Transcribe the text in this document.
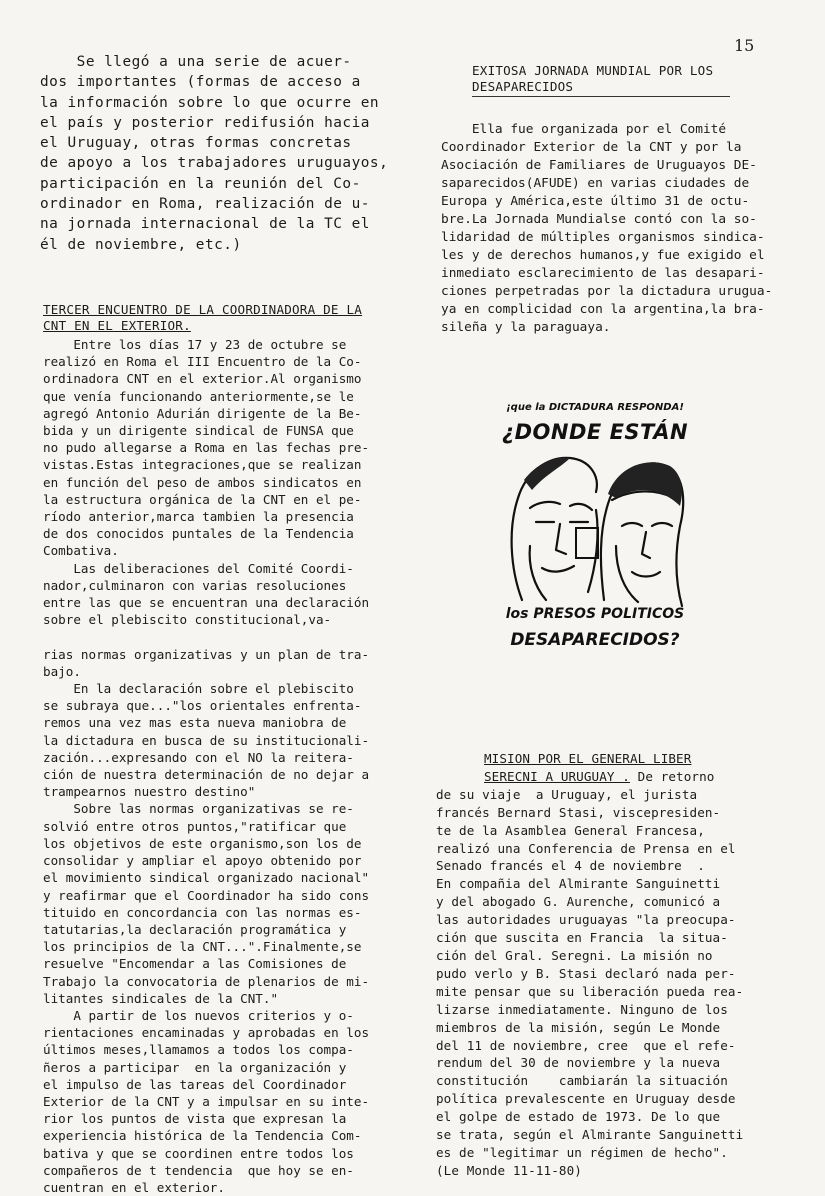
15
Se llegó a una serie de acuer-
dos importantes (formas de acceso a
la información sobre lo que ocurre en
el país y posterior redifusión hacia
el Uruguay, otras formas concretas
de apoyo a los trabajadores uruguayos,
participación en la reunión del Co-
ordinador en Roma, realización de u-
na jornada internacional de la TC el
él de noviembre, etc.)
TERCER ENCUENTRO DE LA COORDINADORA DE LA
CNT EN EL EXTERIOR.
Entre los días 17 y 23 de octubre se
realizó en Roma el III Encuentro de la Co-
ordinadora CNT en el exterior.Al organismo
que venía funcionando anteriormente,se le
agregó Antonio Adurián dirigente de la Be-
bida y un dirigente sindical de FUNSA que
no pudo allegarse a Roma en las fechas pre-
vistas.Estas integraciones,que se realizan
en función del peso de ambos sindicatos en
la estructura orgánica de la CNT en el pe-
ríodo anterior,marca tambien la presencia
de dos conocidos puntales de la Tendencia
Combativa.
Las deliberaciones del Comité Coordi-
nador,culminaron con varias resoluciones
entre las que se encuentran una declaración
sobre el plebiscito constitucional,va-
rias normas organizativas y un plan de tra-
bajo.
En la declaración sobre el plebiscito
se subraya que..."los orientales enfrenta-
remos una vez mas esta nueva maniobra de
la dictadura en busca de su institucionali-
zación...expresando con el NO la reitera-
ción de nuestra determinación de no dejar a
trampearnos nuestro destino"
Sobre las normas organizativas se re-
solvió entre otros puntos,"ratificar que
los objetivos de este organismo,son los de
consolidar y ampliar el apoyo obtenido por
el movimiento sindical organizado nacional"
y reafirmar que el Coordinador ha sido cons
tituido en concordancia con las normas es-
tatutarias,la declaración programática y
los principios de la CNT...".Finalmente,se
resuelve "Encomendar a las Comisiones de
Trabajo la convocatoria de plenarios de mi-
litantes sindicales de la CNT."
A partir de los nuevos criterios y o-
rientaciones encaminadas y aprobadas en los
últimos meses,llamamos a todos los compa-
ñeros a participar  en la organización y
el impulso de las tareas del Coordinador
Exterior de la CNT y a impulsar en su inte-
rior los puntos de vista que expresan la
experiencia histórica de la Tendencia Com-
bativa y que se coordinen entre todos los
compañeros de t tendencia  que hoy se en-
cuentran en el exterior.
EXITOSA JORNADA MUNDIAL POR LOS
DESAPARECIDOS
Ella fue organizada por el Comité
Coordinador Exterior de la CNT y por la
Asociación de Familiares de Uruguayos DE-
saparecidos(AFUDE) en varias ciudades de
Europa y América,este último 31 de octu-
bre.La Jornada Mundialse contó con la so-
lidaridad de múltiples organismos sindica-
les y de derechos humanos,y fue exigido el
inmediato esclarecimiento de las desapari-
ciones perpetradas por la dictadura urugua-
ya en complicidad con la argentina,la bra-
sileña y la paraguaya.
¡que la DICTADURA RESPONDA!
¿DONDE ESTÁN
los PRESOS POLITICOS
DESAPARECIDOS?
MISION POR EL GENERAL LIBER
SERECNI A URUGUAY . De retorno
de su viaje  a Uruguay, el jurista
francés Bernard Stasi, viscepresiden-
te de la Asamblea General Francesa,
realizó una Conferencia de Prensa en el
Senado francés el 4 de noviembre  .
En compañia del Almirante Sanguinetti
y del abogado G. Aurenche, comunicó a
las autoridades uruguayas "la preocupa-
ción que suscita en Francia  la situa-
ción del Gral. Seregni. La misión no
pudo verlo y B. Stasi declaró nada per-
mite pensar que su liberación pueda rea-
lizarse inmediatamente. Ninguno de los
miembros de la misión, según Le Monde
del 11 de noviembre, cree  que el refe-
rendum del 30 de noviembre y la nueva
constitución    cambiarán la situación
política prevalescente en Uruguay desde
el golpe de estado de 1973. De lo que
se trata, según el Almirante Sanguinetti
es de "legitimar un régimen de hecho".
(Le Monde 11-11-80)
